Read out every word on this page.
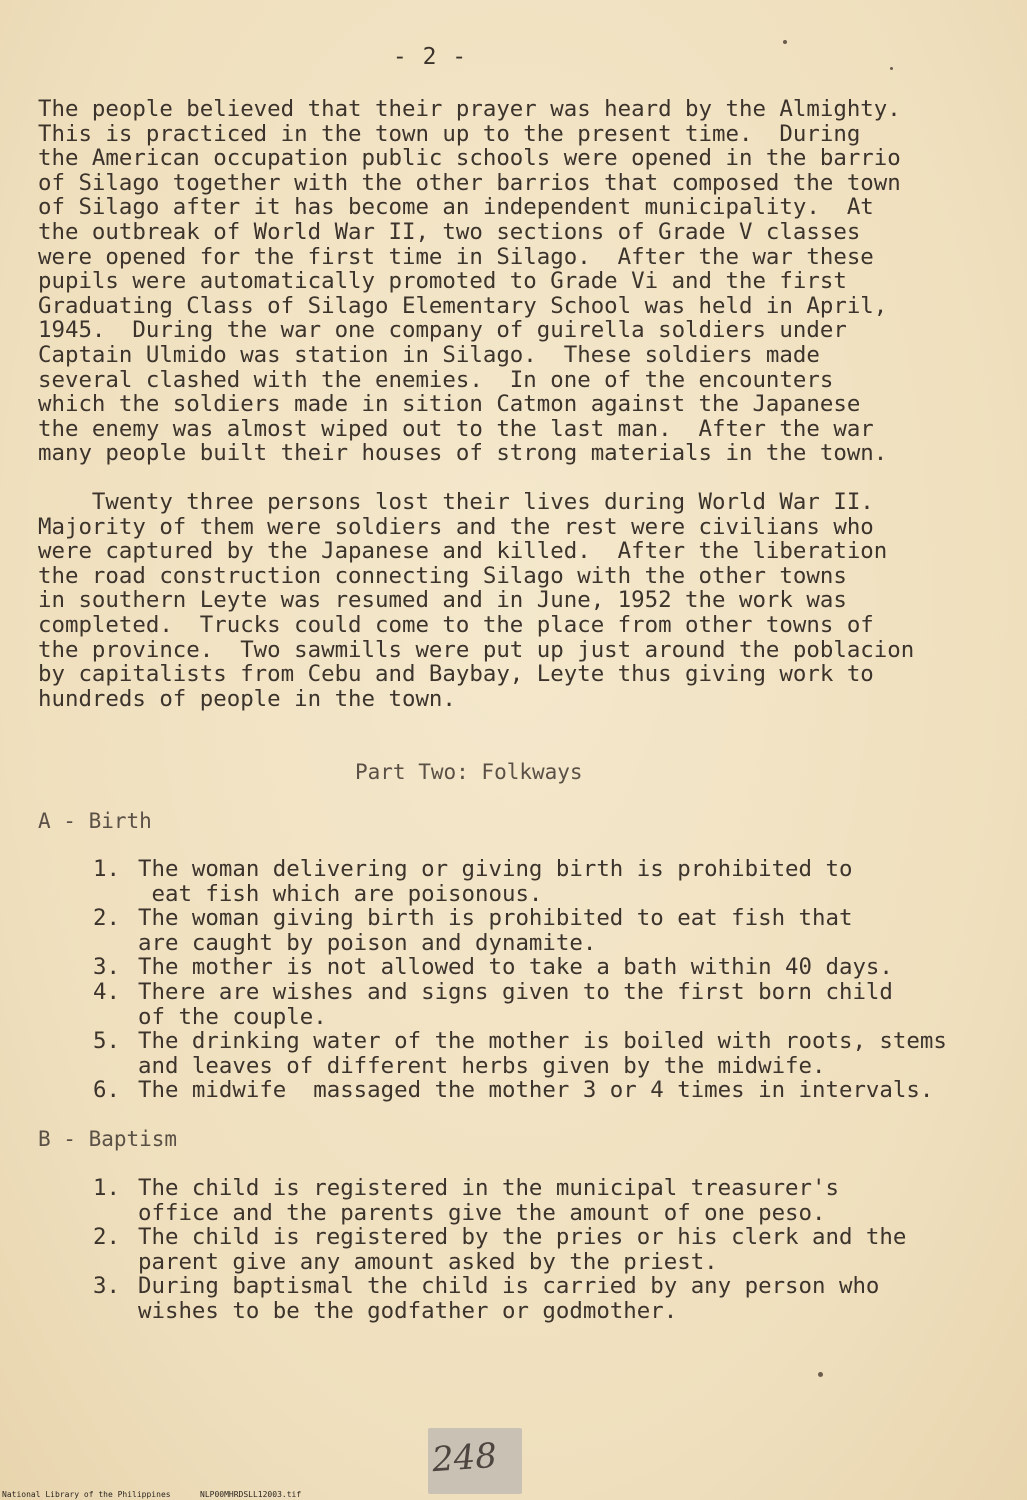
- 2 -
The people believed that their prayer was heard by the Almighty.
This is practiced in the town up to the present time.  During
the American occupation public schools were opened in the barrio
of Silago together with the other barrios that composed the town
of Silago after it has become an independent municipality.  At
the outbreak of World War II, two sections of Grade V classes
were opened for the first time in Silago.  After the war these
pupils were automatically promoted to Grade Vi and the first
Graduating Class of Silago Elementary School was held in April,
1945.  During the war one company of guirella soldiers under
Captain Ulmido was station in Silago.  These soldiers made
several clashed with the enemies.  In one of the encounters
which the soldiers made in sition Catmon against the Japanese
the enemy was almost wiped out to the last man.  After the war
many people built their houses of strong materials in the town.
Twenty three persons lost their lives during World War II.
Majority of them were soldiers and the rest were civilians who
were captured by the Japanese and killed.  After the liberation
the road construction connecting Silago with the other towns
in southern Leyte was resumed and in June, 1952 the work was
completed.  Trucks could come to the place from other towns of
the province.  Two sawmills were put up just around the poblacion
by capitalists from Cebu and Baybay, Leyte thus giving work to
hundreds of people in the town.
Part Two: Folkways
A - Birth
1. The woman delivering or giving birth is prohibited to
eat fish which are poisonous.
2. The woman giving birth is prohibited to eat fish that
are caught by poison and dynamite.
3. The mother is not allowed to take a bath within 40 days.
4. There are wishes and signs given to the first born child
of the couple.
5. The drinking water of the mother is boiled with roots, stems
and leaves of different herbs given by the midwife.
6. The midwife  massaged the mother 3 or 4 times in intervals.
B - Baptism
1. The child is registered in the municipal treasurer's
office and the parents give the amount of one peso.
2. The child is registered by the pries or his clerk and the
parent give any amount asked by the priest.
3. During baptismal the child is carried by any person who
wishes to be the godfather or godmother.
248
National Library of the Philippines	NLP00MHRDSLL12003.tif
